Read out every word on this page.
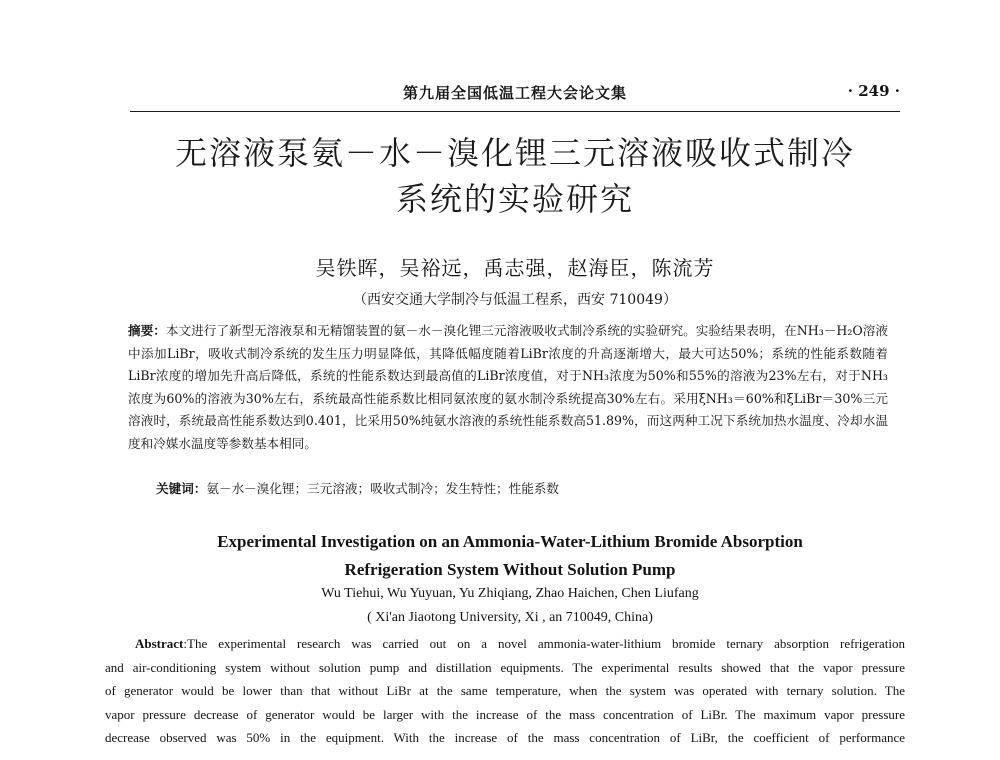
第九届全国低温工程大会论文集	· 249 ·
无溶液泵氨－水－溴化锂三元溶液吸收式制冷
系统的实验研究
吴铁晖，吴裕远，禹志强，赵海臣，陈流芳
（西安交通大学制冷与低温工程系，西安 710049）
摘要：本文进行了新型无溶液泵和无精馏装置的氨－水－溴化锂三元溶液吸收式制冷系统的实验研究。实验结果表明，在NH₃－H₂O溶液中添加LiBr，吸收式制冷系统的发生压力明显降低，其降低幅度随着LiBr浓度的升高逐渐增大，最大可达50%；系统的性能系数随着LiBr浓度的增加先升高后降低，系统的性能系数达到最高值的LiBr浓度值，对于NH₃浓度为50%和55%的溶液为23%左右，对于NH₃浓度为60%的溶液为30%左右，系统最高性能系数比相同氨浓度的氨水制冷系统提高30%左右。采用ξNH₃＝60%和ξLiBr＝30%三元溶液时，系统最高性能系数达到0.401，比采用50%纯氨水溶液的系统性能系数高51.89%，而这两种工况下系统加热水温度、冷却水温度和冷媒水温度等参数基本相同。
关键词：氨－水－溴化锂；三元溶液；吸收式制冷；发生特性；性能系数
Experimental Investigation on an Ammonia-Water-Lithium Bromide Absorption
Refrigeration System Without Solution Pump
Wu Tiehui, Wu Yuyuan, Yu Zhiqiang, Zhao Haichen, Chen Liufang
( Xi'an Jiaotong University, Xi , an 710049, China)
Abstract:The experimental research was carried out on a novel ammonia-water-lithium bromide ternary absorption refrigeration
and air-conditioning system without solution pump and distillation equipments. The experimental results showed that the vapor pressure
of generator would be lower than that without LiBr at the same temperature, when the system was operated with ternary solution. The
vapor pressure decrease of generator would be larger with the increase of the mass concentration of LiBr. The maximum vapor pressure
decrease observed was 50% in the equipment. With the increase of the mass concentration of LiBr, the coefficient of performance
